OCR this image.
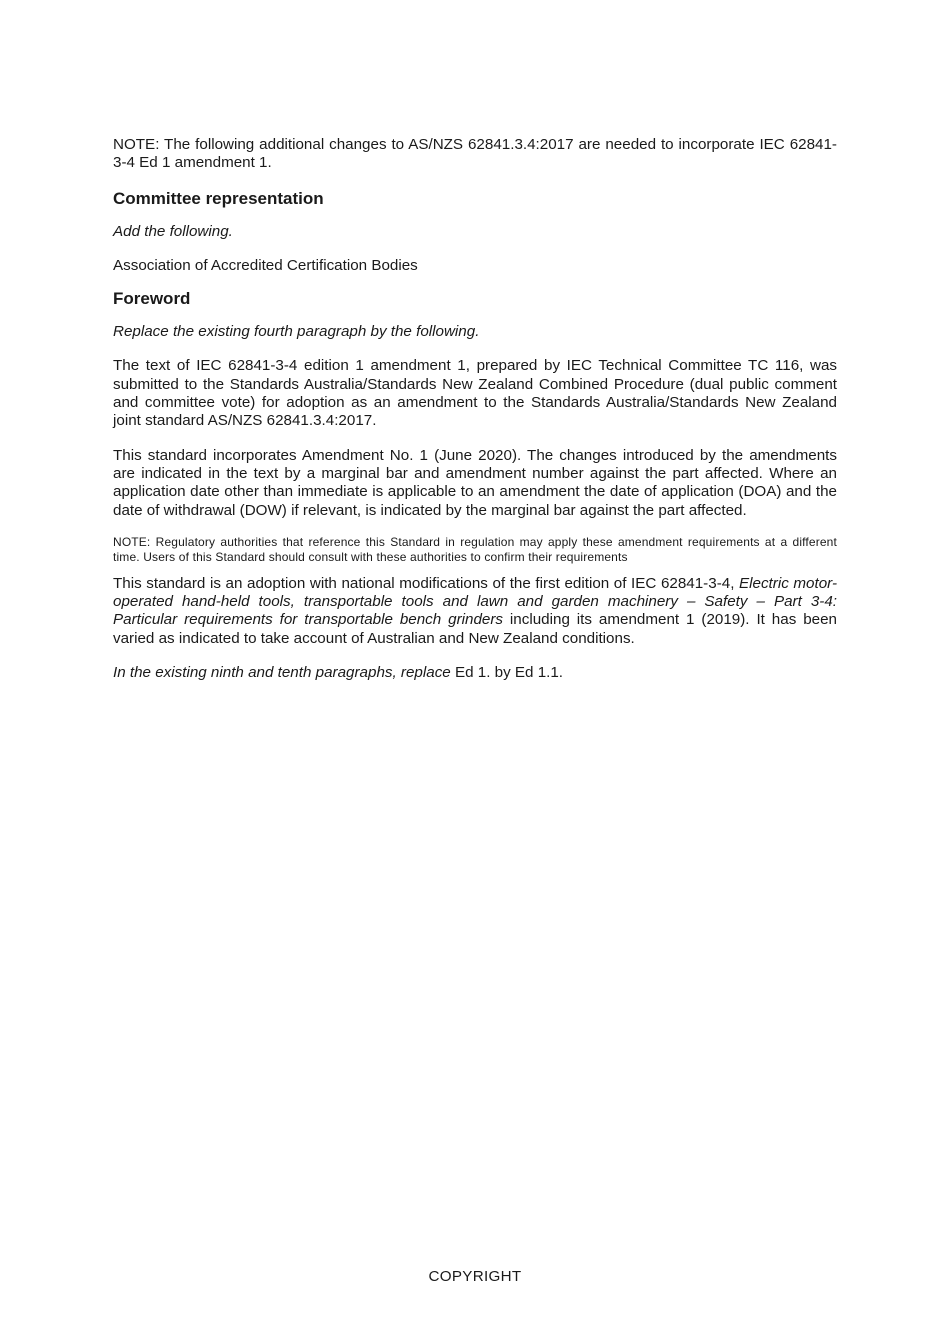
NOTE: The following additional changes to AS/NZS 62841.3.4:2017 are needed to incorporate IEC 62841-3-4 Ed 1 amendment 1.

Committee representation

Add the following.

Association of Accredited Certification Bodies

Foreword

Replace the existing fourth paragraph by the following.

The text of IEC 62841-3-4 edition 1 amendment 1, prepared by IEC Technical Committee TC 116, was submitted to the Standards Australia/Standards New Zealand Combined Procedure (dual public comment and committee vote) for adoption as an amendment to the Standards Australia/Standards New Zealand joint standard AS/NZS 62841.3.4:2017.

This standard incorporates Amendment No. 1 (June 2020). The changes introduced by the amendments are indicated in the text by a marginal bar and amendment number against the part affected. Where an application date other than immediate is applicable to an amendment the date of application (DOA) and the date of withdrawal (DOW) if relevant, is indicated by the marginal bar against the part affected.

NOTE: Regulatory authorities that reference this Standard in regulation may apply these amendment requirements at a different time. Users of this Standard should consult with these authorities to confirm their requirements

This standard is an adoption with national modifications of the first edition of IEC 62841-3-4, Electric motor-operated hand-held tools, transportable tools and lawn and garden machinery – Safety – Part 3-4: Particular requirements for transportable bench grinders including its amendment 1 (2019). It has been varied as indicated to take account of Australian and New Zealand conditions.

In the existing ninth and tenth paragraphs, replace Ed 1. by Ed 1.1.

COPYRIGHT
